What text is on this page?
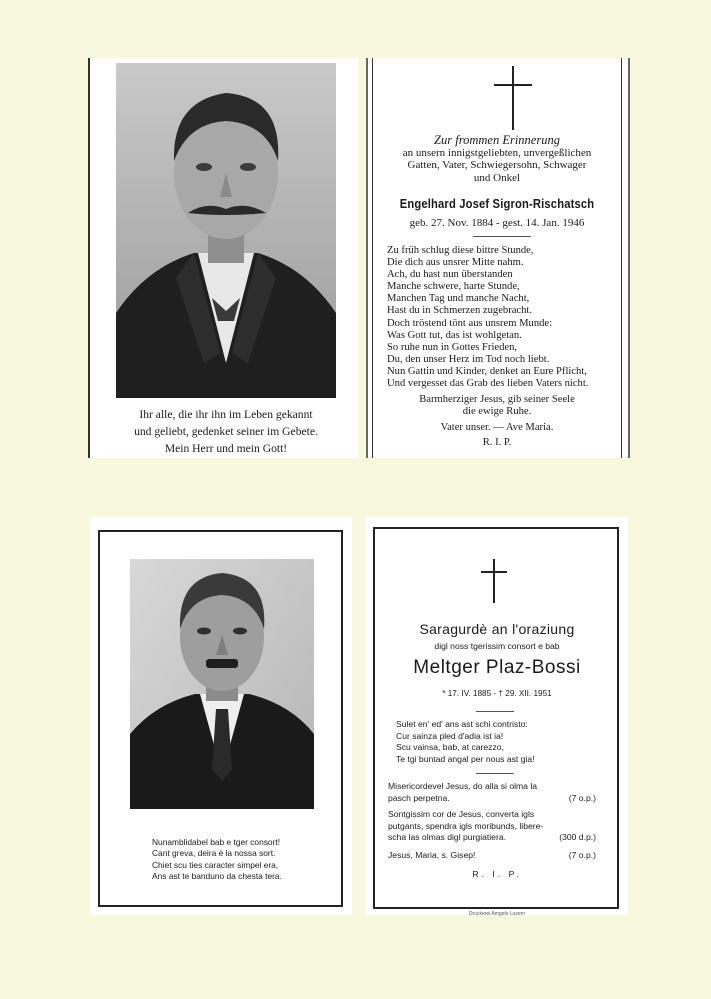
Ihr alle, die ihr ihn im Leben gekannt
und geliebt, gedenket seiner im Gebete.
Mein Herr und mein Gott!
Zur frommen Erinnerung
an unsern innigstgeliebten, unvergeßlichen
Gatten, Vater, Schwiegersohn, Schwager
und Onkel
Engelhard Josef Sigron-Rischatsch
geb. 27. Nov. 1884 - gest. 14. Jan. 1946
Zu früh schlug diese bittre Stunde,
Die dich aus unsrer Mitte nahm.
Ach, du hast nun überstanden
Manche schwere, harte Stunde,
Manchen Tag und manche Nacht,
Hast du in Schmerzen zugebracht.
Doch tröstend tönt aus unsrem Munde:
Was Gott tut, das ist wohlgetan.
So ruhe nun in Gottes Frieden,
Du, den unser Herz im Tod noch liebt.
Nun Gattin und Kinder, denket an Eure Pflicht,
Und vergesset das Grab des lieben Vaters nicht.
Barmherziger Jesus, gib seiner Seele
die ewige Ruhe.
Vater unser. — Ave Maria.
R. I. P.
Nunamblidabel bab e tger consort!
Cant greva, deira è la nossa sort.
Chiet scu ties caracter simpel era,
Ans ast te banduno da chesta tera.
Saragurdè an l'oraziung
digl noss tgerissim consort e bab
Meltger Plaz-Bossi
* 17. IV. 1885 - † 29. XII. 1951
Sulet en' ed' ans ast schi contristo:
Cur sainza pled d'adia ist ia!
Scu vainsa, bab, at carezzo,
Te tgi buntad angal per nous ast gia!
Misericordevel Jesus, do alla si olma la
(7 o.p.)
pasch perpetna.
Sontgissim cor de Jesus, converta igls
putgants, spendra igls moribunds, libere-
(300 d.p.)
scha las olmas digl purgiatiera.
(7 o.p.)
Jesus, Maria, s. Gisep!
R. I. P.
Druckerei Amgelo Luzern
